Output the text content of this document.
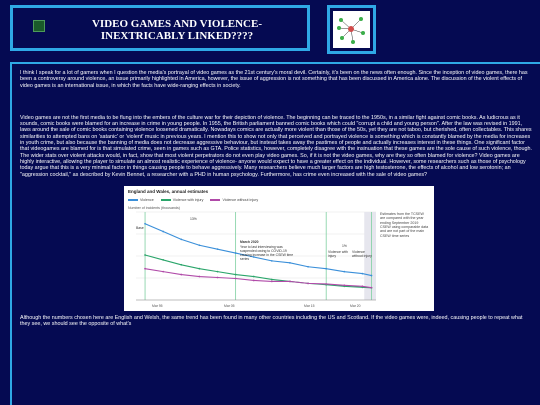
VIDEO GAMES AND VIOLENCE-
INEXTRICABLY LINKED????

I think I speak for a lot of gamers when I question the media's portrayal of video games as the 21st century's moral devil. Certainly, it's been on the news often enough. Since the inception of video games, there has been a controversy around violence, an issue primarily highlighted in America, however, the issue of aggression is not something that has been discussed in America alone. The discussion of the violent effects of video games is an international issue, in which the facts have wide-ranging effects in society.

Video games are not the first media to be flung into the embers of the culture war for their depiction of violence. The beginning can be traced to the 1950s, in a similar fight against comic books. As ludicrous as it sounds, comic books were blamed for an increase in crime in young people. In 1955, the British parliament banned comic books which could "corrupt a child and young person". After the law was revised in 1991, laws around the sale of comic books containing violence loosened dramatically. Nowadays comics are actually more violent than those of the 50s, yet they are not taboo, but cherished, often collectables. This shares similarities to attempted bans on 'satanic' or 'violent' music in previous years. I mention this to show not only that perceived and portrayed violence is something which is constantly blamed by the media for increases in youth crime, but also because the banning of media does not decrease aggressive behaviour, but instead takes away the pastimes of people and actually increases interest in these things. One significant factor that videogames are blamed for is that simulated crime, seen in games such as GTA. Police statistics, however, completely disagree with the insinuation that these games are the sole cause of such violence, though. The wider stats over violent attacks would, in fact, show that most violent perpetrators do not even play video games. So, if it is not the video games, why are they so often blamed for violence? Video games are highly interactive, allowing the player to simulate an almost realistic experience of violence- anyone would expect to have a greater effect on the individual. However, some researchers such as those of psychology today argue that this is a very minimal factor in things causing people to behave aggressively. Many researchers believe much larger factors are high testosterone, the effects of alcohol and low serotonin; an "aggression cocktail," as described by Kevin Bennet, a researcher with a PHD in human psychology. Furthermore, has crime even increased with the sale of video games?

England and Wales, annual estimates
Violence	Violence with injury	Violence without injury
Number of incidents (thousands)
13%
Base
March 2020
Year to last interviewing was suspended owing to COVID-19 causing increase in the CSEW time series
1%
Violence with injury
Violence without injury
Estimates from the TCSEW are compared with the year ending September 2019 CSEW using comparable data and are not part of the main CSEW time series
Mar 95	Mar 05	Mar 15	Mar 20

Although the numbers chosen here are English and Welsh, the same trend has been found in many other countries including the US and Scotland. If the video games were, indeed, causing people to repeat what they see, we should see the opposite of what's
